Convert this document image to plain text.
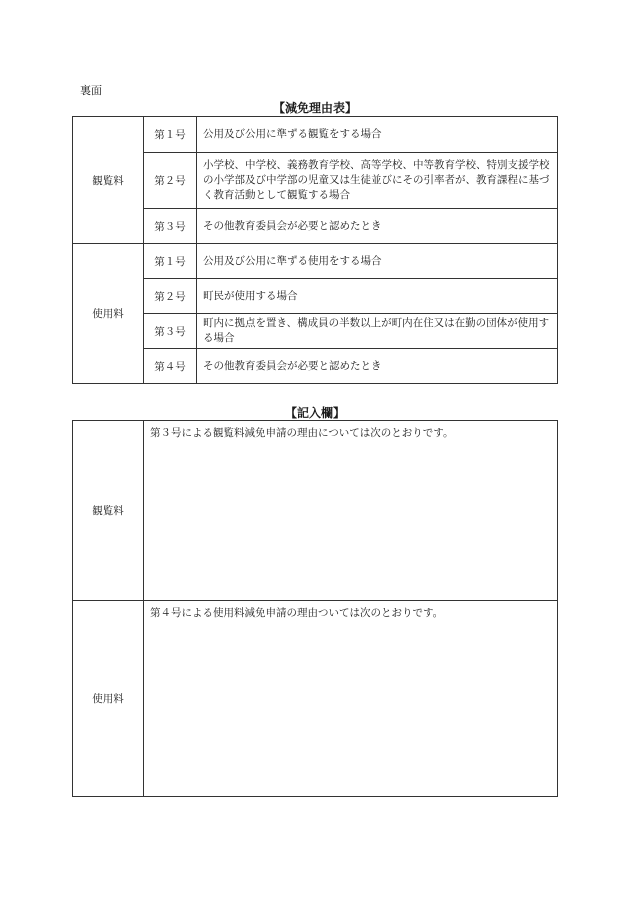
裏面
【減免理由表】
観覧料	第１号	公用及び公用に準ずる観覧をする場合
	第２号	小学校、中学校、義務教育学校、高等学校、中等教育学校、特別支援学校の小学部及び中学部の児童又は生徒並びにその引率者が、教育課程に基づく教育活動として観覧する場合
	第３号	その他教育委員会が必要と認めたとき
使用料	第１号	公用及び公用に準ずる使用をする場合
	第２号	町民が使用する場合
	第３号	町内に拠点を置き、構成員の半数以上が町内在住又は在勤の団体が使用する場合
	第４号	その他教育委員会が必要と認めたとき
【記入欄】
観覧料	第３号による観覧料減免申請の理由については次のとおりです。
使用料	第４号による使用料減免申請の理由ついては次のとおりです。
